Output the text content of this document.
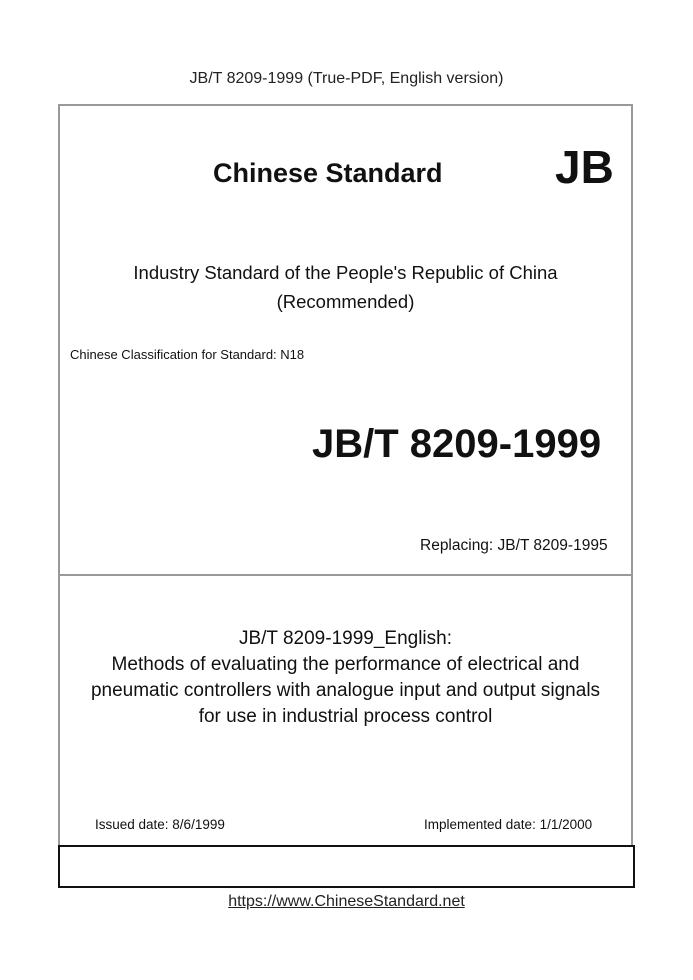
JB/T 8209-1999 (True-PDF, English version)
Chinese Standard JB
Industry Standard of the People's Republic of China
(Recommended)
Chinese Classification for Standard: N18
JB/T 8209-1999
Replacing: JB/T 8209-1995
JB/T 8209-1999_English:
Methods of evaluating the performance of electrical and
pneumatic controllers with analogue input and output signals
for use in industrial process control
Issued date: 8/6/1999	Implemented date: 1/1/2000
https://www.ChineseStandard.net
